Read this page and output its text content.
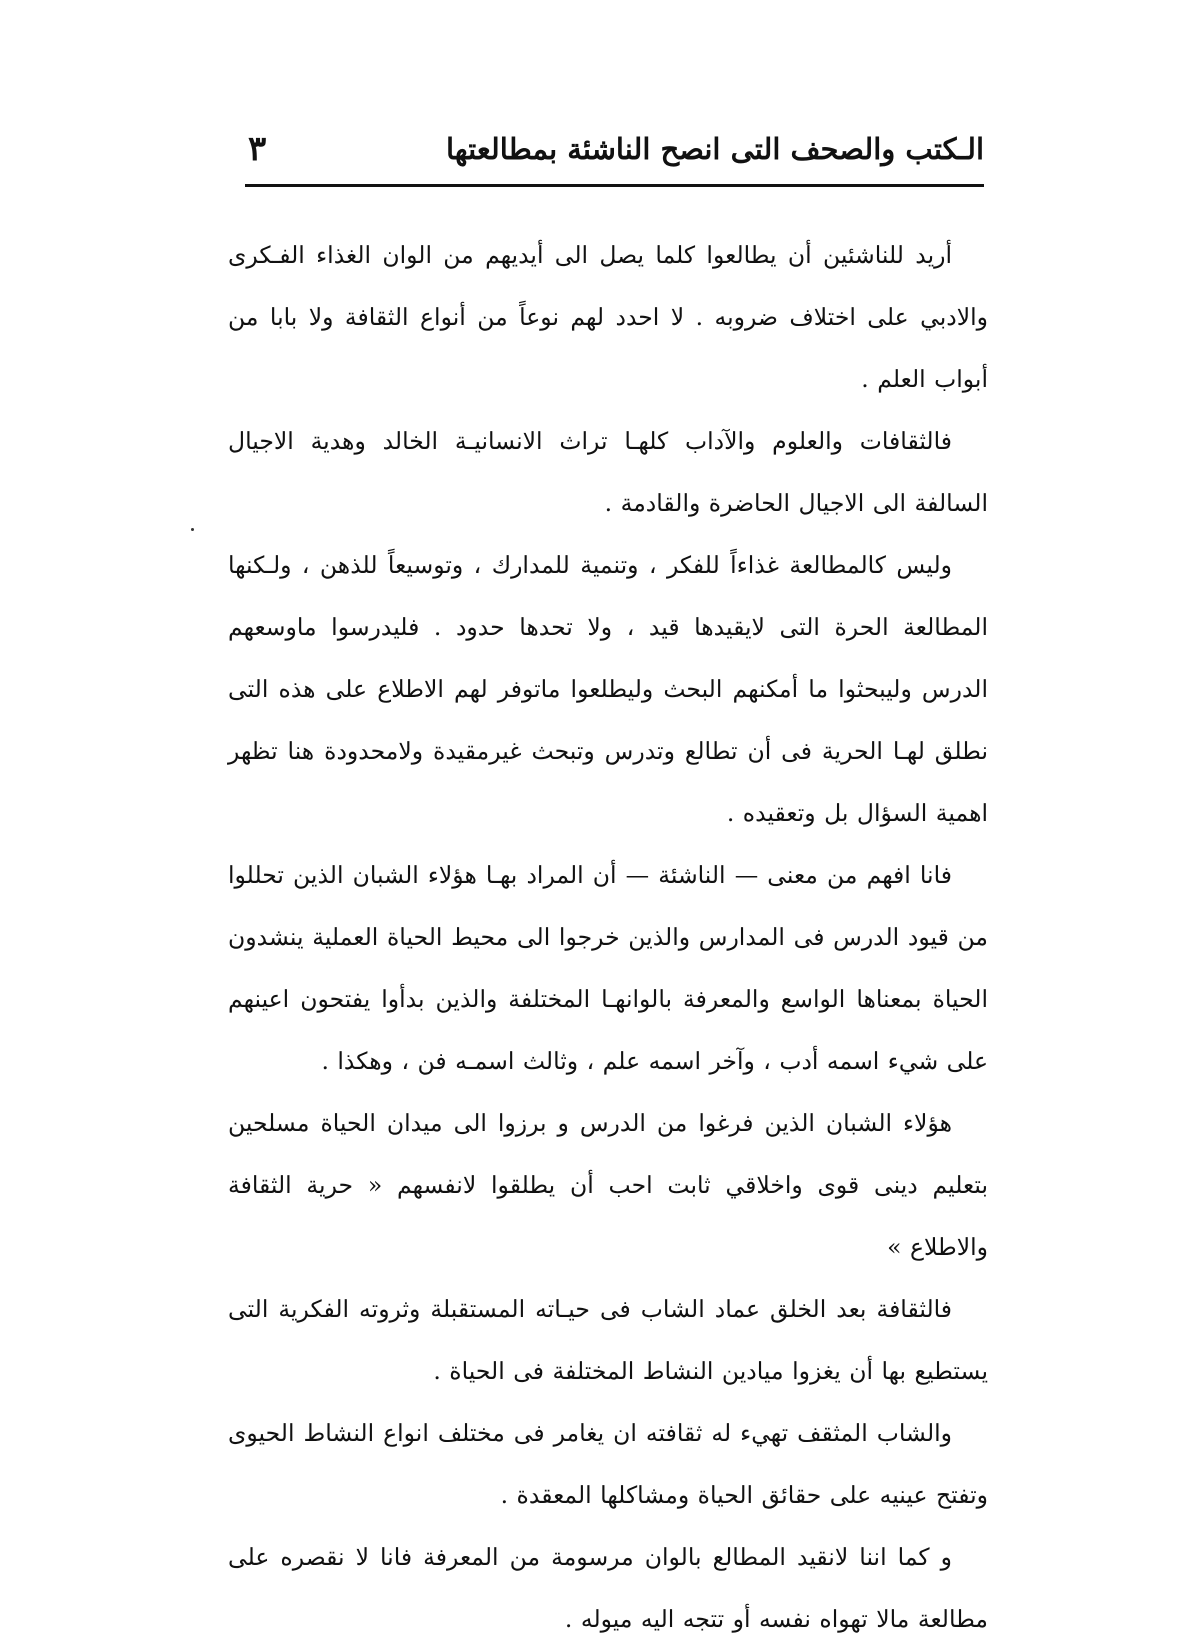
الـكتب والصحف التى انصح الناشئة بمطالعتها
٣

أريد للناشئين أن يطالعوا كلما يصل الى أيديهم من الوان الغذاء الفـكرى والادبي على اختلاف ضروبه . لا احدد لهم نوعاً من أنواع الثقافة ولا بابا من أبواب العلم .

فالثقافات والعلوم والآداب كلهـا تراث الانسانيـة الخالد وهدية الاجيال السالفة الى الاجيال الحاضرة والقادمة .

وليس كالمطالعة غذاءاً للفكر ، وتنمية للمدارك ، وتوسيعاً للذهن ، ولـكنها المطالعة الحرة التى لايقيدها قيد ، ولا تحدها حدود . فليدرسوا ماوسعهم الدرس وليبحثوا ما أمكنهم البحث وليطلعوا ماتوفر لهم الاطلاع على هذه التى نطلق لهـا الحرية فى أن تطالع وتدرس وتبحث غيرمقيدة ولامحدودة هنا تظهر اهمية السؤال بل وتعقيده .

فانا افهم من معنى — الناشئة — أن المراد بهـا هؤلاء الشبان الذين تحللوا من قيود الدرس فى المدارس والذين خرجوا الى محيط الحياة العملية ينشدون الحياة بمعناها الواسع والمعرفة بالوانهـا المختلفة والذين بدأوا يفتحون اعينهم على شيء اسمه أدب ، وآخر اسمه علم ، وثالث اسمـه فن ، وهكذا .

هؤلاء الشبان الذين فرغوا من الدرس و برزوا الى ميدان الحياة مسلحين بتعليم دينى قوى واخلاقي ثابت احب أن يطلقوا لانفسهم « حرية الثقافة والاطلاع »

فالثقافة بعد الخلق عماد الشاب فى حيـاته المستقبلة وثروته الفكرية التى يستطيع بها أن يغزوا ميادين النشاط المختلفة فى الحياة .

والشاب المثقف تهيء له ثقافته ان يغامر فى مختلف انواع النشاط الحيوى وتفتح عينيه على حقائق الحياة ومشاكلها المعقدة .

و كما اننا لانقيد المطالع بالوان مرسومة من المعرفة فانا لا نقصره على مطالعة مالا تهواه نفسه أو تتجه اليه ميوله .
